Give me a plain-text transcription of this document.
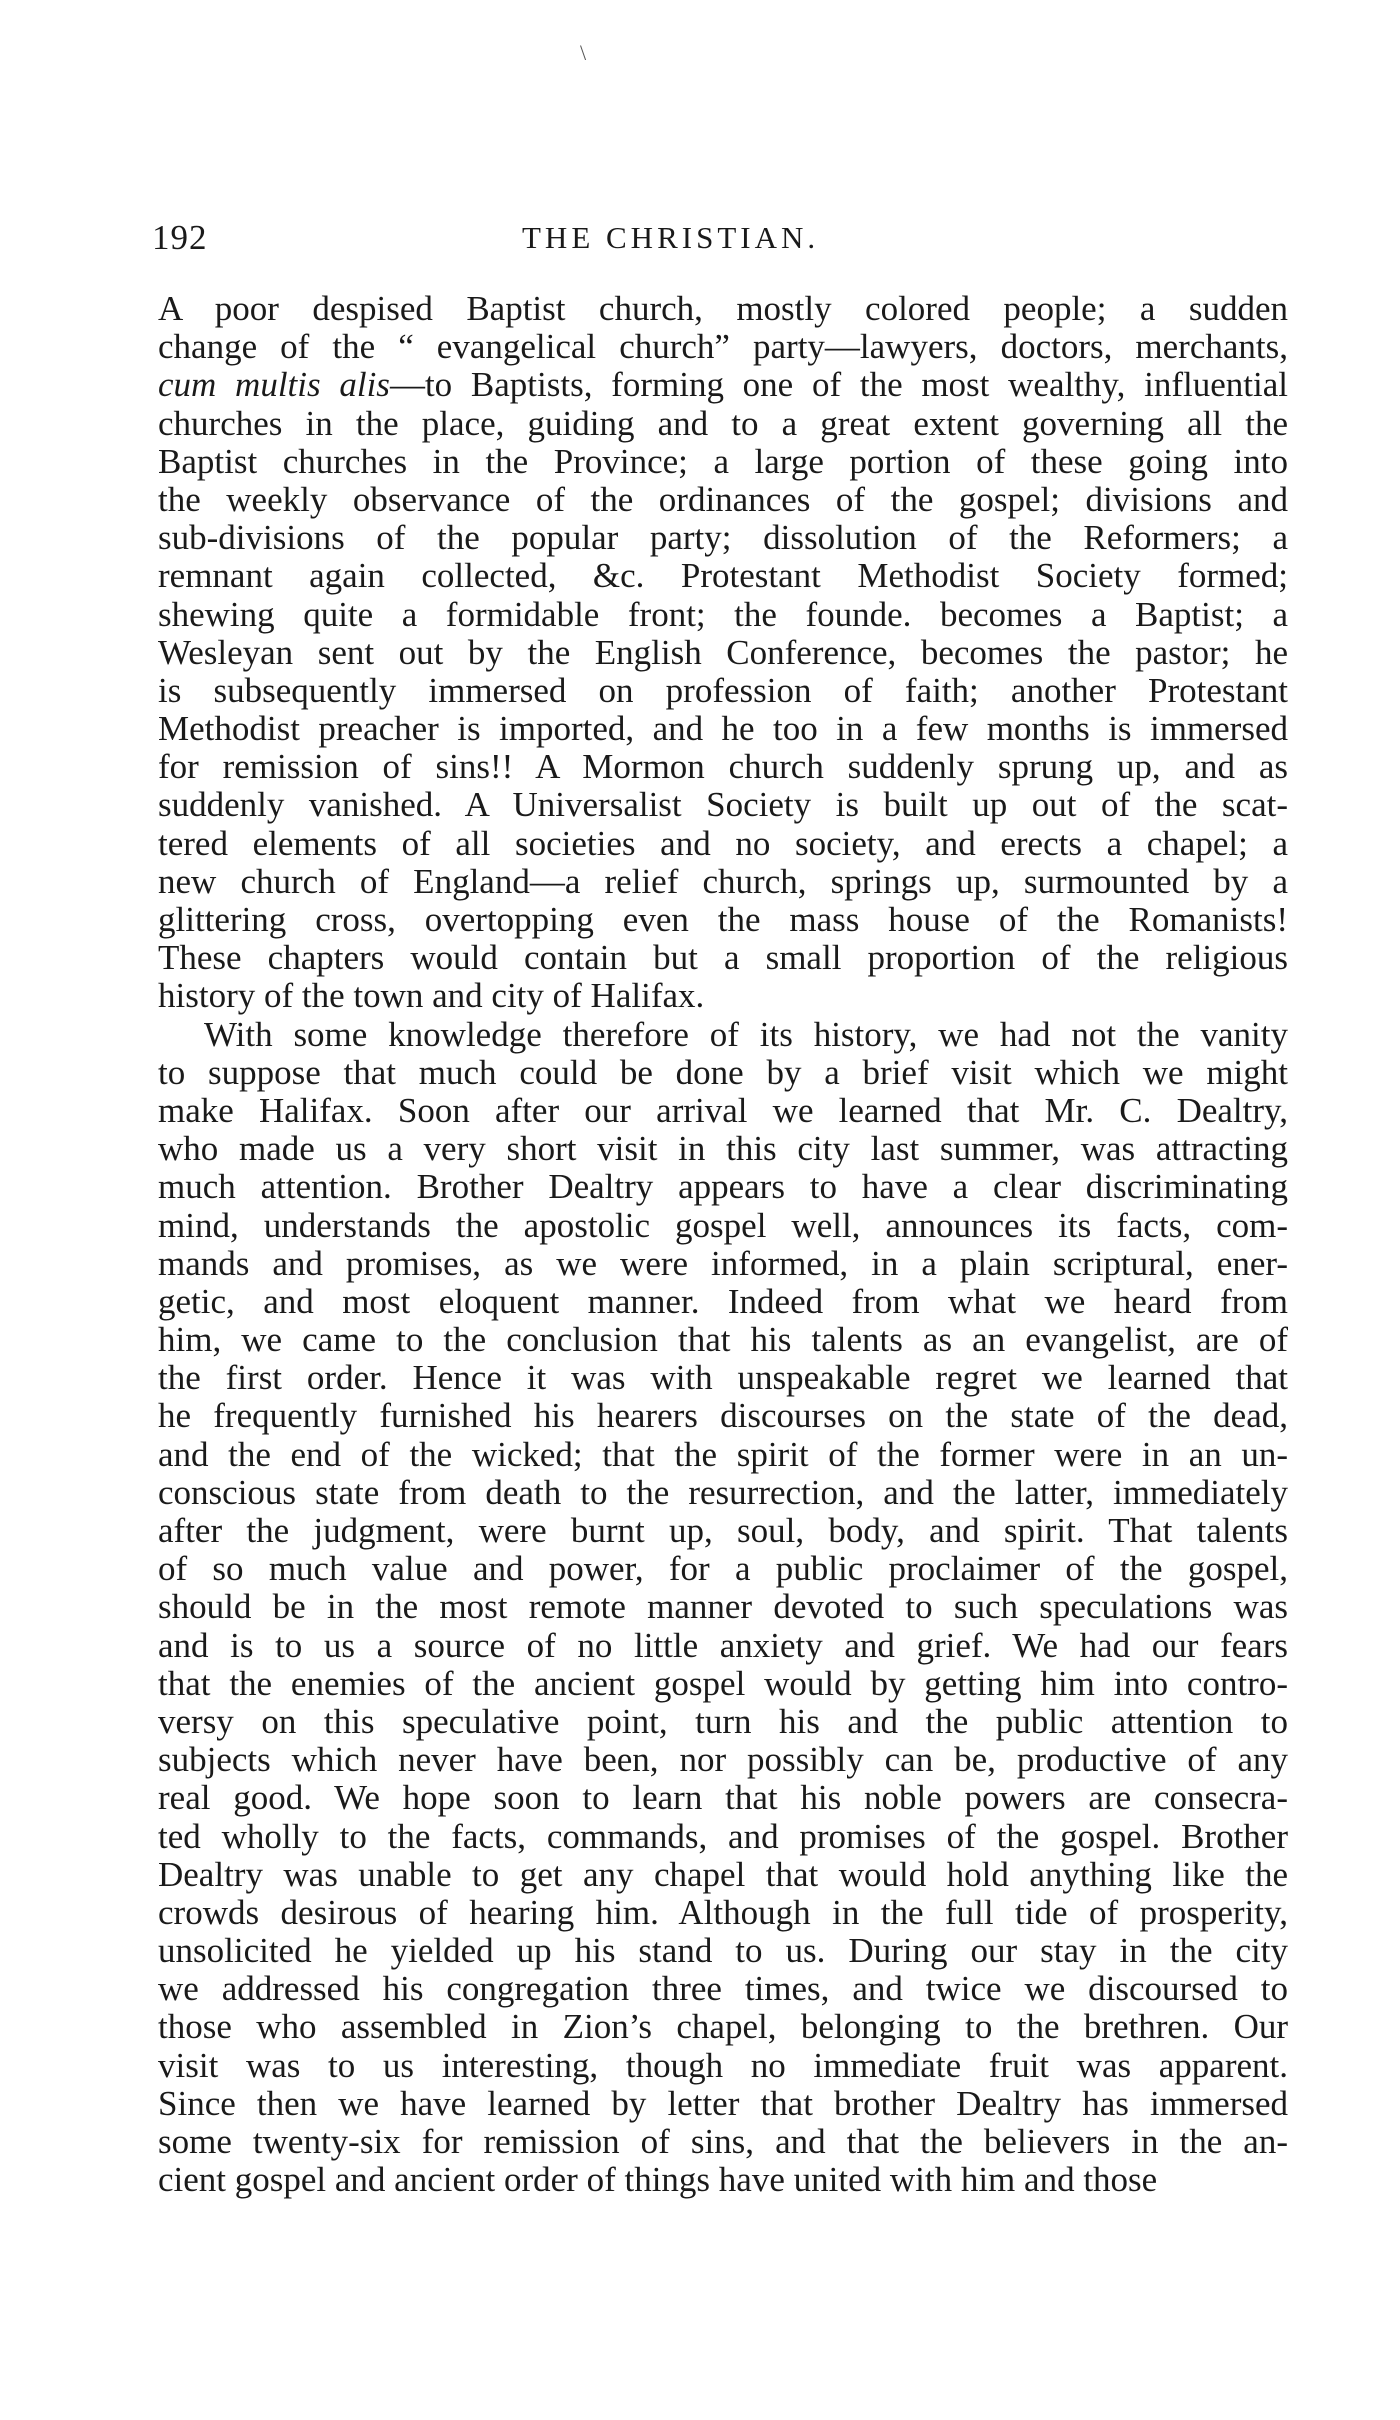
\
192	THE CHRISTIAN.
A poor despised Baptist church, mostly colored people; a sudden
change of the “ evangelical church” party—lawyers, doctors, merchants,
cum multis alis—to Baptists, forming one of the most wealthy, influential
churches in the place, guiding and to a great extent governing all the
Baptist churches in the Province; a large portion of these going into
the weekly observance of the ordinances of the gospel; divisions and
sub-divisions of the popular party; dissolution of the Reformers; a
remnant again collected, &c. Protestant Methodist Society formed;
shewing quite a formidable front; the founde. becomes a Baptist; a
Wesleyan sent out by the English Conference, becomes the pastor; he
is subsequently immersed on profession of faith; another Protestant
Methodist preacher is imported, and he too in a few months is immersed
for remission of sins!! A Mormon church suddenly sprung up, and as
suddenly vanished. A Universalist Society is built up out of the scat-
tered elements of all societies and no society, and erects a chapel; a
new church of England—a relief church, springs up, surmounted by a
glittering cross, overtopping even the mass house of the Romanists!
These chapters would contain but a small proportion of the religious
history of the town and city of Halifax.
With some knowledge therefore of its history, we had not the vanity
to suppose that much could be done by a brief visit which we might
make Halifax. Soon after our arrival we learned that Mr. C. Dealtry,
who made us a very short visit in this city last summer, was attracting
much attention. Brother Dealtry appears to have a clear discriminating
mind, understands the apostolic gospel well, announces its facts, com-
mands and promises, as we were informed, in a plain scriptural, ener-
getic, and most eloquent manner. Indeed from what we heard from
him, we came to the conclusion that his talents as an evangelist, are of
the first order. Hence it was with unspeakable regret we learned that
he frequently furnished his hearers discourses on the state of the dead,
and the end of the wicked; that the spirit of the former were in an un-
conscious state from death to the resurrection, and the latter, immediately
after the judgment, were burnt up, soul, body, and spirit. That talents
of so much value and power, for a public proclaimer of the gospel,
should be in the most remote manner devoted to such speculations was
and is to us a source of no little anxiety and grief. We had our fears
that the enemies of the ancient gospel would by getting him into contro-
versy on this speculative point, turn his and the public attention to
subjects which never have been, nor possibly can be, productive of any
real good. We hope soon to learn that his noble powers are consecra-
ted wholly to the facts, commands, and promises of the gospel. Brother
Dealtry was unable to get any chapel that would hold anything like the
crowds desirous of hearing him. Although in the full tide of prosperity,
unsolicited he yielded up his stand to us. During our stay in the city
we addressed his congregation three times, and twice we discoursed to
those who assembled in Zion’s chapel, belonging to the brethren. Our
visit was to us interesting, though no immediate fruit was apparent.
Since then we have learned by letter that brother Dealtry has immersed
some twenty-six for remission of sins, and that the believers in the an-
cient gospel and ancient order of things have united with him and those
